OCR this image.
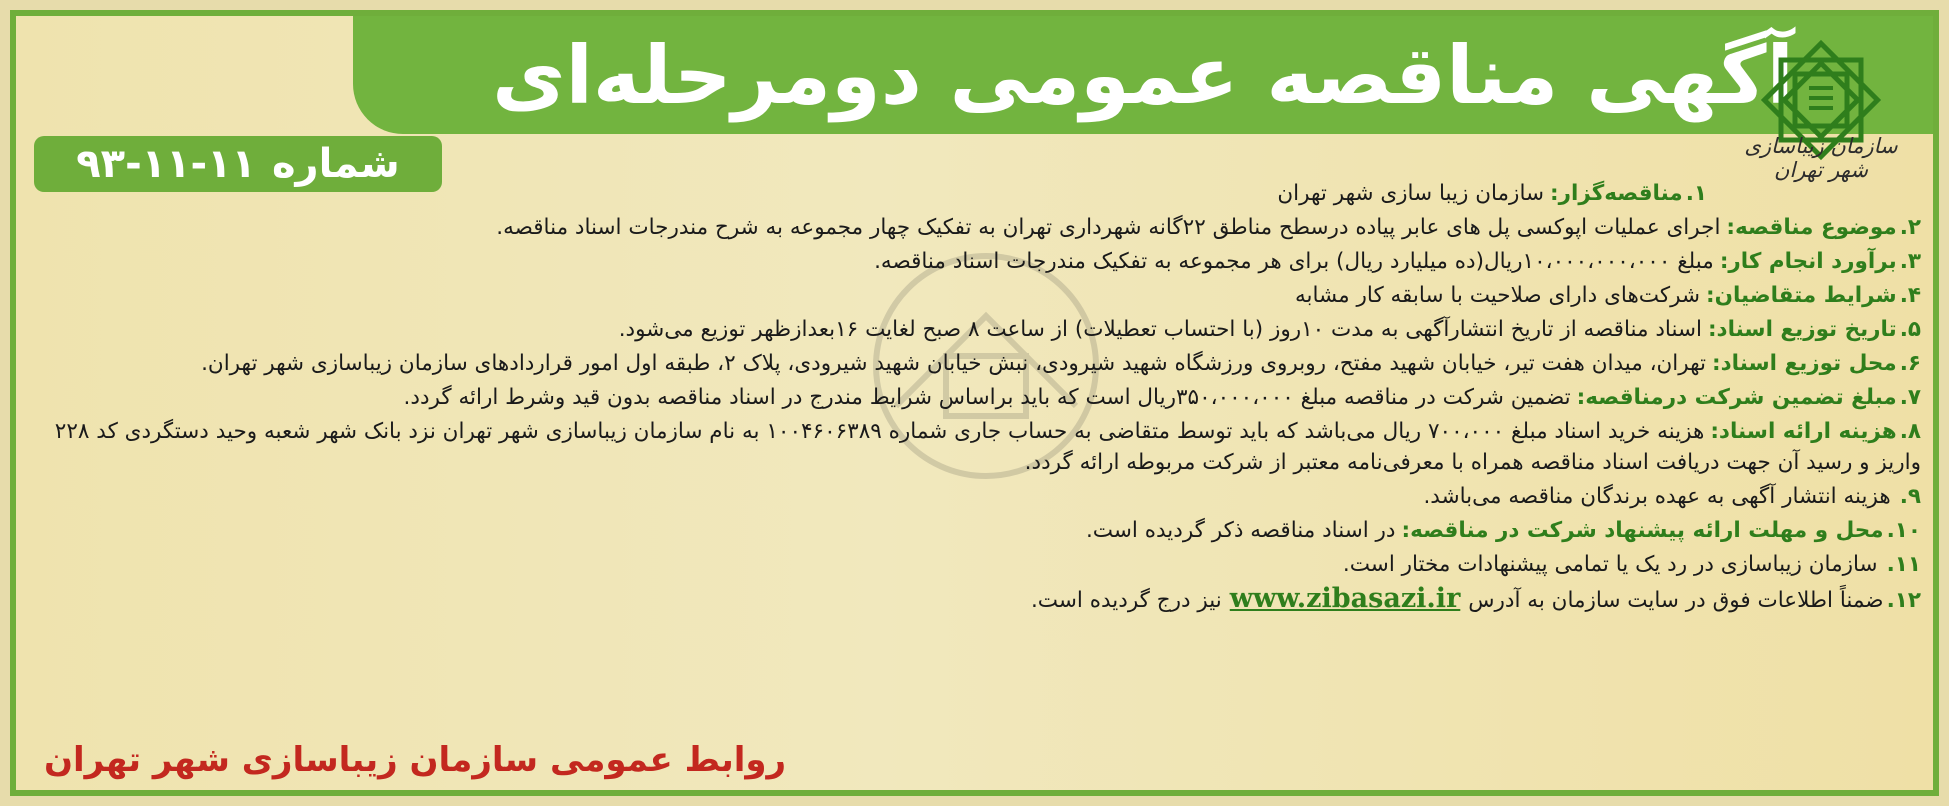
آگهی مناقصه عمومی دومرحله‌ای
سازمان زیباسازی شهر تهران
شماره
۹۳-۱۱-۱۱
۱.مناقصه‌گزار:سازمان زیبا سازی شهر تهران
۲.موضوع مناقصه:اجرای عملیات اپوکسی پل های عابر پیاده درسطح مناطق ۲۲گانه شهرداری تهران به تفکیک چهار مجموعه به شرح مندرجات اسناد مناقصه.
۳.برآورد انجام کار:مبلغ ۱۰،۰۰۰،۰۰۰،۰۰۰ریال(ده میلیارد ریال) برای هر مجموعه به تفکیک مندرجات اسناد مناقصه.
۴.شرایط متقاضیان:شرکت‌های دارای صلاحیت با سابقه کار مشابه
۵.تاریخ توزیع اسناد:اسناد مناقصه از تاریخ انتشارآگهی به مدت ۱۰روز (با احتساب تعطیلات) از ساعت ۸ صبح لغایت ۱۶بعدازظهر توزیع می‌شود.
۶.محل توزیع اسناد:تهران، میدان هفت تیر، خیابان شهید مفتح، روبروی ورزشگاه شهید شیرودی، نبش خیابان شهید شیرودی، پلاک ۲، طبقه اول امور قراردادهای سازمان زیباسازی شهر تهران.
۷.مبلغ تضمین شرکت درمناقصه:تضمین شرکت در مناقصه مبلغ ۳۵۰،۰۰۰،۰۰۰ریال است که باید براساس شرایط مندرج در اسناد مناقصه بدون قید وشرط ارائه گردد.
۸.هزینه ارائه اسناد:هزینه خرید اسناد مبلغ ۷۰۰،۰۰۰ ریال می‌باشد که باید توسط متقاضی به حساب جاری شماره ۱۰۰۴۶۰۶۳۸۹ به نام سازمان زیباسازی شهر تهران نزد بانک شهر شعبه وحید دستگردی کد ۲۲۸ واریز و رسید آن جهت دریافت اسناد مناقصه همراه با معرفی‌نامه معتبر از شرکت مربوطه ارائه گردد.
۹.هزینه انتشار آگهی به عهده برندگان مناقصه می‌باشد.
۱۰.محل و مهلت ارائه پیشنهاد شرکت در مناقصه:در اسناد مناقصه ذکر گردیده است.
۱۱.سازمان زیباسازی در رد یک یا تمامی پیشنهادات مختار است.
۱۲.ضمناً اطلاعات فوق در سایت سازمان به آدرسwww.zibasazi.irنیز درج گردیده است.
روابط عمومی سازمان زیباسازی شهر تهران
